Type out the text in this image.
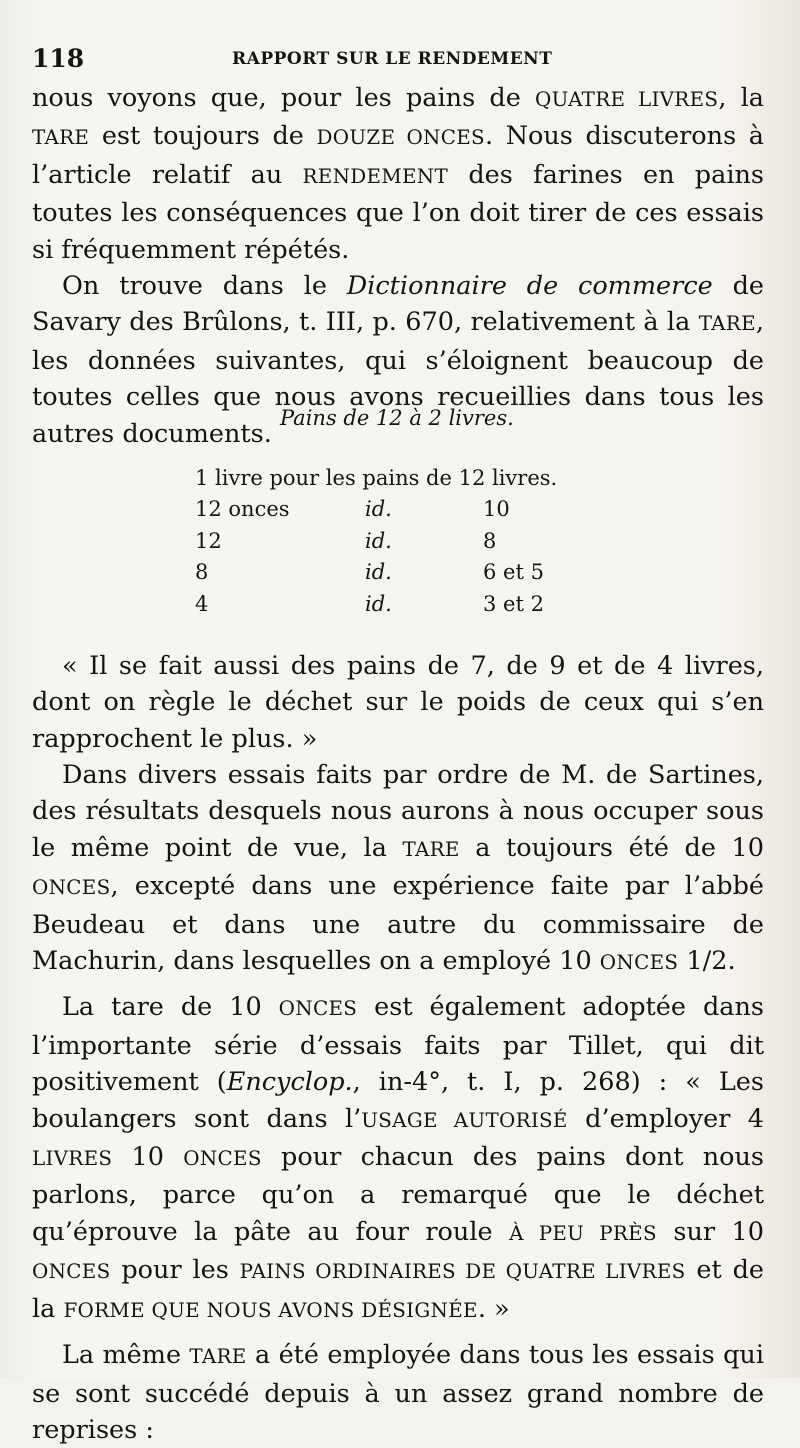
118	RAPPORT SUR LE RENDEMENT

nous voyons que, pour les pains de QUATRE LIVRES, la TARE est toujours de DOUZE ONCES. Nous discuterons à l’article relatif au RENDEMENT des farines en pains toutes les conséquences que l’on doit tirer de ces essais si fréquemment répétés.

On trouve dans le Dictionnaire de commerce de Savary des Brûlons, t. III, p. 670, relativement à la TARE, les données suivantes, qui s’éloignent beaucoup de toutes celles que nous avons recueillies dans tous les autres documents.

Pains de 12 à 2 livres.
1 livre pour les pains de 12 livres.		
12 onces	id.	10
12	id.	8
8	id.	6 et 5
4	id.	3 et 2

« Il se fait aussi des pains de 7, de 9 et de 4 livres, dont on règle le déchet sur le poids de ceux qui s’en rapprochent le plus. »

Dans divers essais faits par ordre de M. de Sartines, des résultats desquels nous aurons à nous occuper sous le même point de vue, la TARE a toujours été de 10 ONCES, excepté dans une expérience faite par l’abbé Beudeau et dans une autre du commissaire de Machurin, dans lesquelles on a employé 10 ONCES 1/2.

La tare de 10 ONCES est également adoptée dans l’importante série d’essais faits par Tillet, qui dit positivement (Encyclop., in-4°, t. I, p. 268) : « Les boulangers sont dans l’USAGE AUTORISÉ d’employer 4 LIVRES 10 ONCES pour chacun des pains dont nous parlons, parce qu’on a remarqué que le déchet qu’éprouve la pâte au four roule À PEU PRÈS sur 10 ONCES pour les PAINS ORDINAIRES DE QUATRE LIVRES et de la FORME QUE NOUS AVONS DÉSIGNÉE. »

La même TARE a été employée dans tous les essais qui se sont succédé depuis à un assez grand nombre de reprises :
